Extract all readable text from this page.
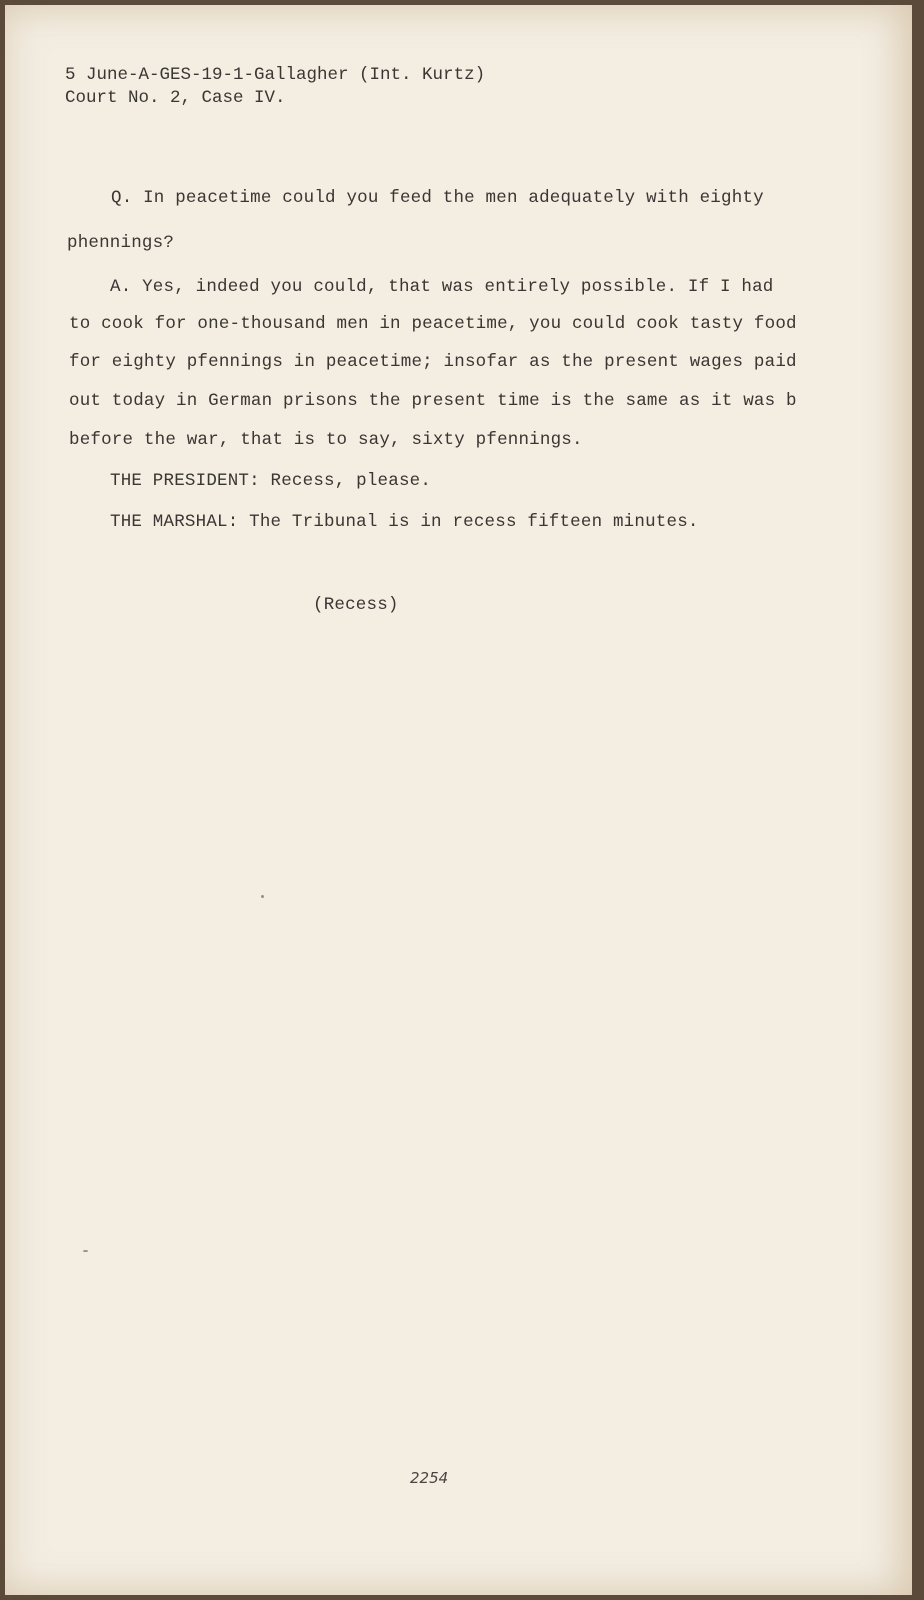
5 June-A-GES-19-1-Gallagher (Int. Kurtz)
Court No. 2, Case IV.
Q. In peacetime could you feed the men adequately with eighty
phennings?
A. Yes, indeed you could, that was entirely possible. If I had
to cook for one-thousand men in peacetime, you could cook tasty food
for eighty pfennings in peacetime; insofar as the present wages paid
out today in German prisons the present time is the same as it was b
before the war, that is to say, sixty pfennings.
THE PRESIDENT: Recess, please.
THE MARSHAL: The Tribunal is in recess fifteen minutes.
(Recess)
2254
